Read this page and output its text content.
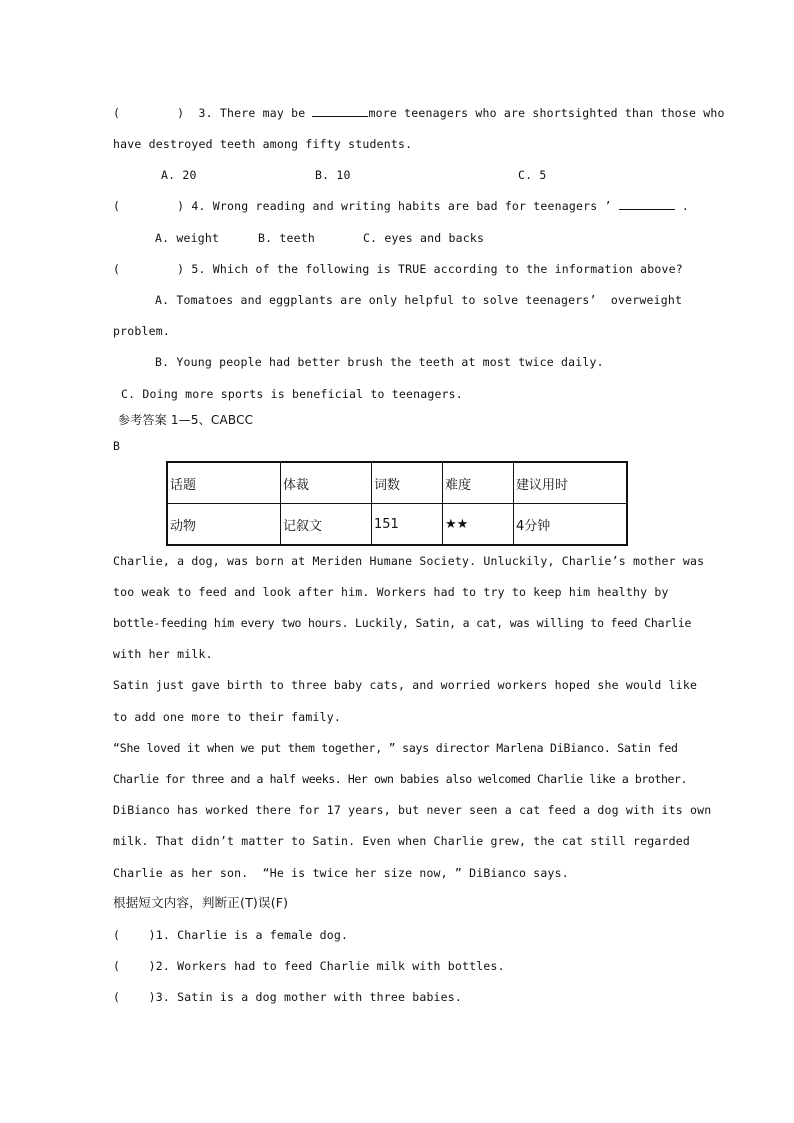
(        ) 3. There may be	more teenagers who are shortsighted than those who
have destroyed teeth among fifty students.
A. 20	B. 10	C. 5
(        ) 4. Wrong reading and writing habits are bad for teenagers ’	.
A. weight	B. teeth	C. eyes and backs
(        ) 5. Which of the following is TRUE according to the information above?
A. Tomatoes and eggplants are only helpful to solve teenagers’  overweight
problem.
B. Young people had better brush the teeth at most twice daily.
C. Doing more sports is beneficial to teenagers.
参考答案 1—5、CABCC
B
话题	体裁	词数	难度	建议用时
动物	记叙文	151	★★	4分钟
Charlie, a dog, was born at Meriden Humane Society. Unluckily, Charlie’s mother was
too weak to feed and look after him. Workers had to try to keep him healthy by
bottle-feeding him every two hours. Luckily, Satin, a cat, was willing to feed Charlie
with her milk.
Satin just gave birth to three baby cats, and worried workers hoped she would like
to add one more to their family.
“She loved it when we put them together, ” says director Marlena DiBianco. Satin fed
Charlie for three and a half weeks. Her own babies also welcomed Charlie like a brother.
DiBianco has worked there for 17 years, but never seen a cat feed a dog with its own
milk. That didn’t matter to Satin. Even when Charlie grew, the cat still regarded
Charlie as her son.  “He is twice her size now, ” DiBianco says.
根据短文内容，判断正(T)误(F)
(    )1. Charlie is a female dog.
(    )2. Workers had to feed Charlie milk with bottles.
(    )3. Satin is a dog mother with three babies.
